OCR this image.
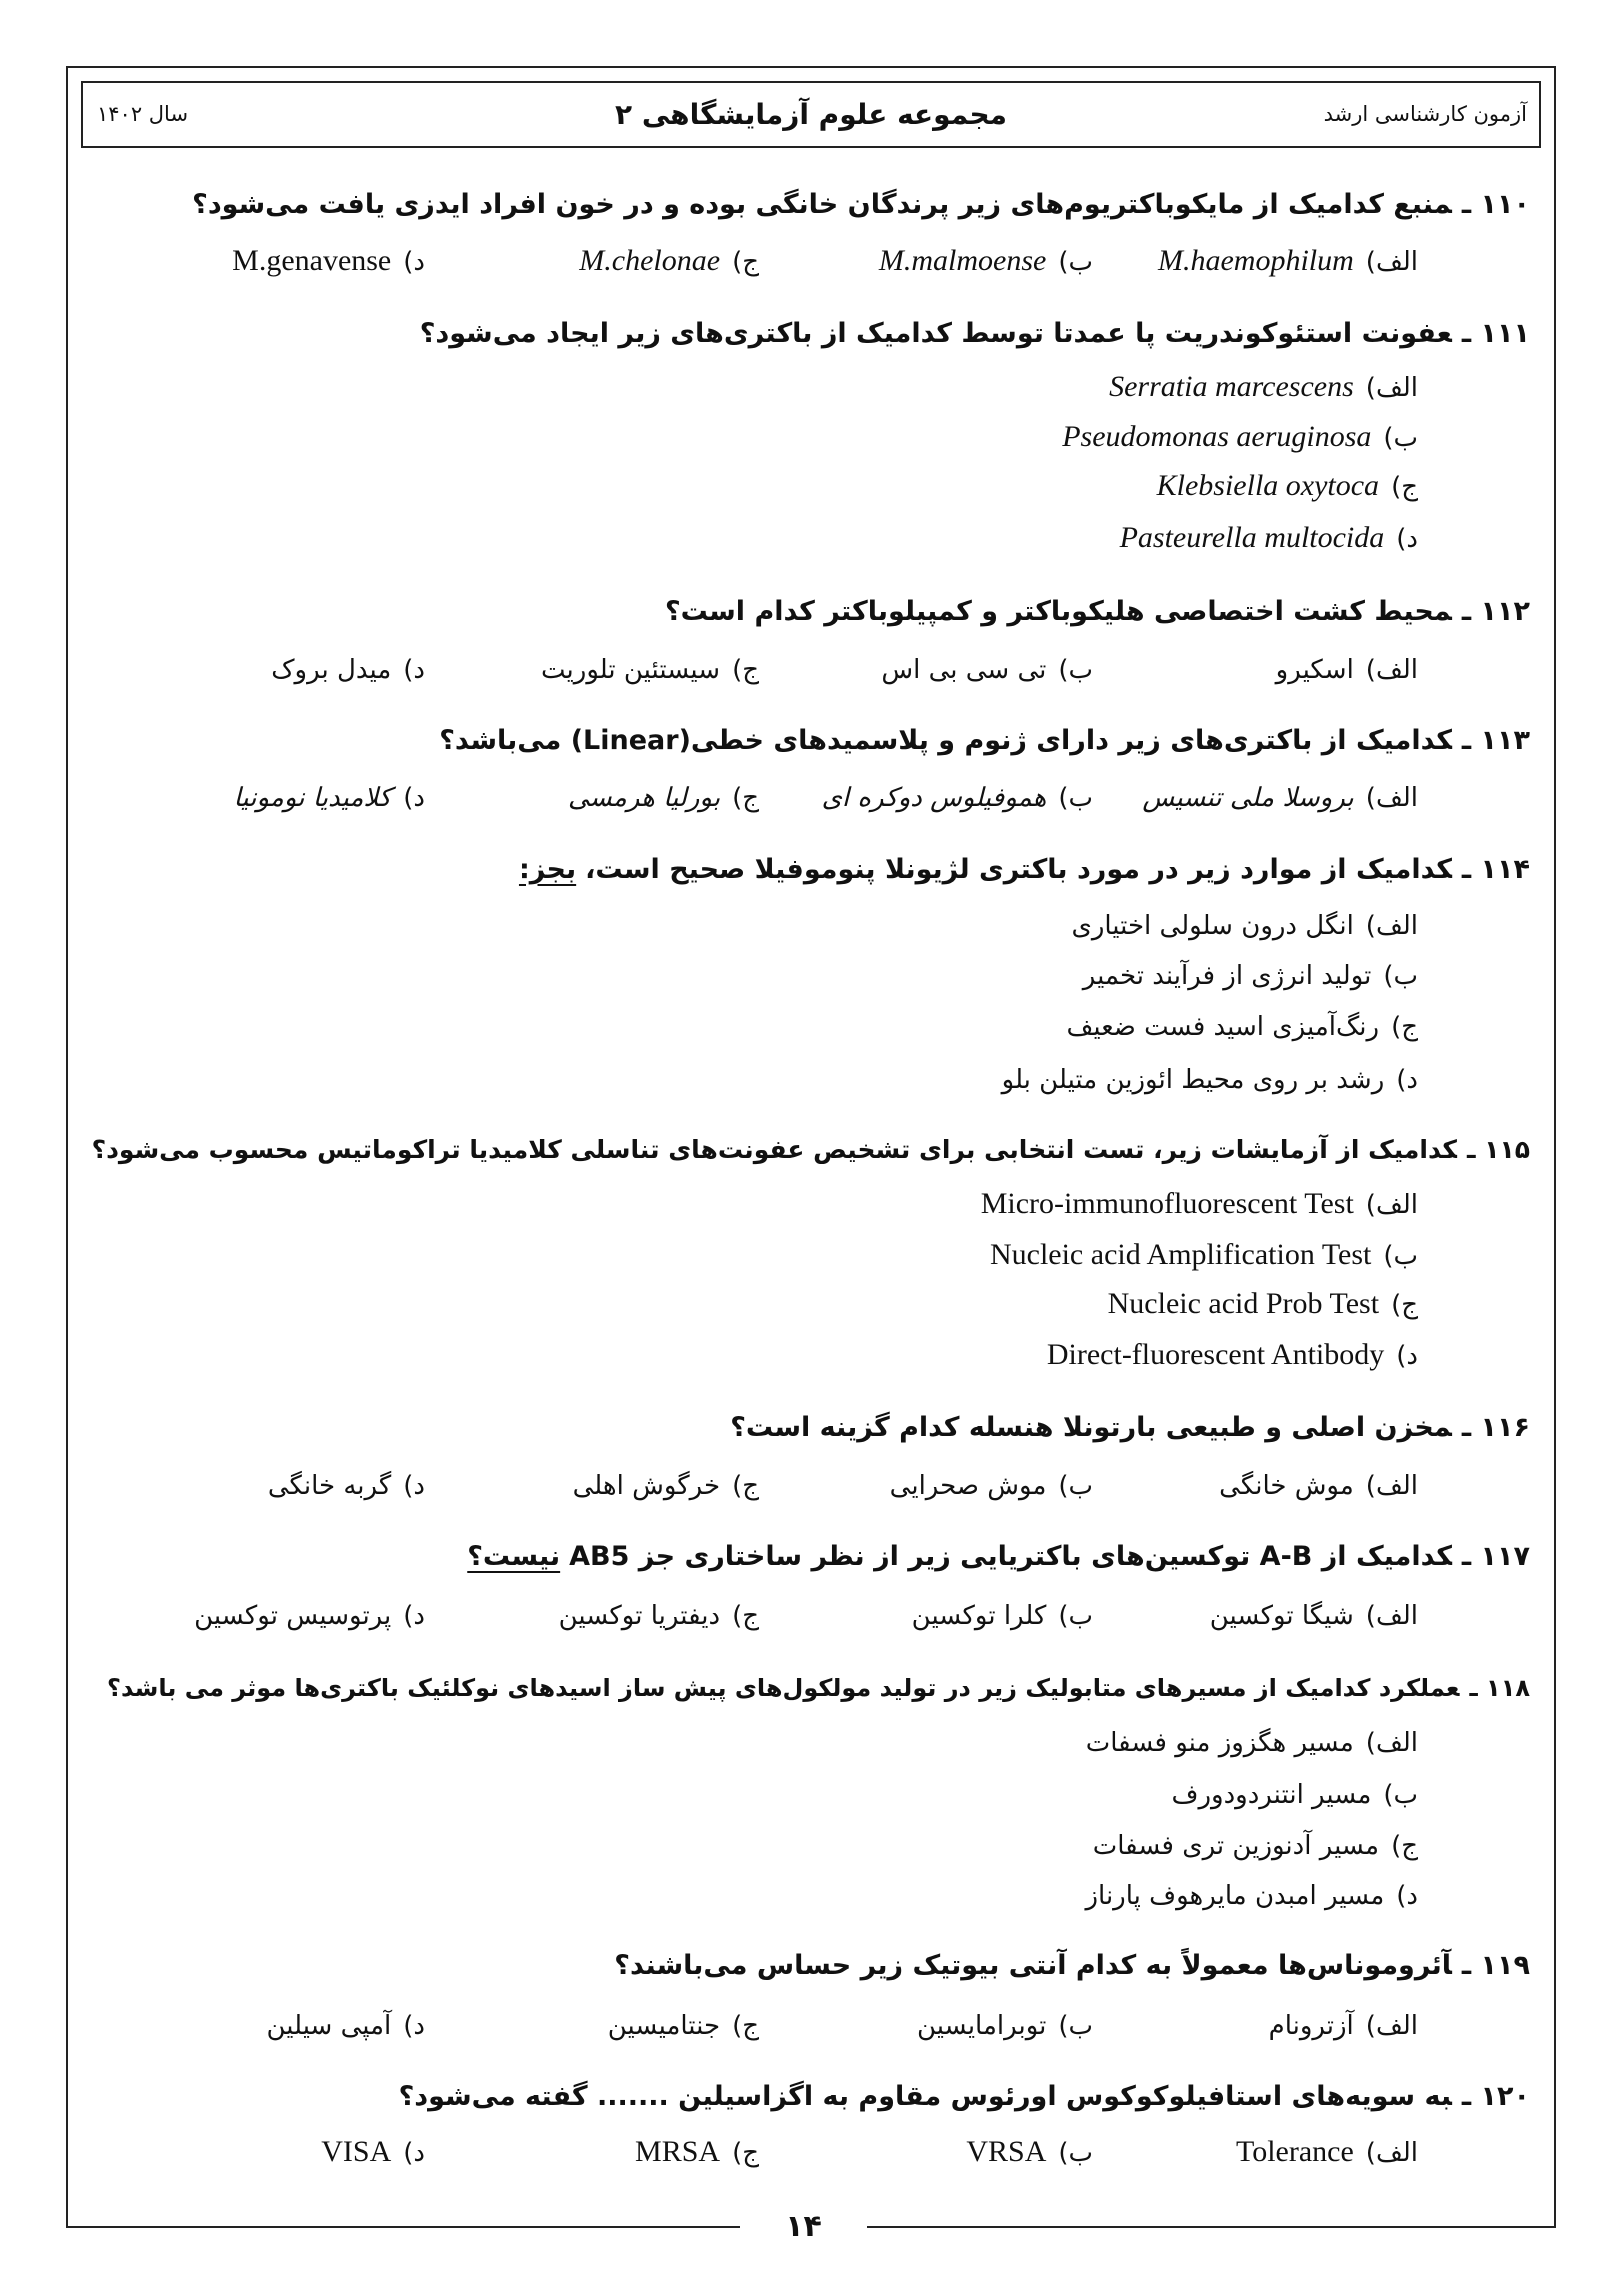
آزمون کارشناسی ارشد
مجموعه علوم آزمایشگاهی ۲
سال ۱۴۰۲
۱۱۰ ـمنبع کدامیک از مایکوباکتریوم‌های زیر پرندگان خانگی بوده و در خون افراد ایدزی یافت می‌شود؟
الف)M.haemophilum
ب)M.malmoense
ج)M.chelonae
د)M.genavense
۱۱۱ ـعفونت استئوکوندریت پا عمدتا توسط کدامیک از باکتری‌های زیر ایجاد می‌شود؟
الف)Serratia marcescens
ب)Pseudomonas aeruginosa
ج)Klebsiella oxytoca
د)Pasteurella multocida
۱۱۲ ـمحیط کشت اختصاصی هلیکوباکتر و کمپیلوباکتر کدام است؟
الف)اسکیرو
ب)تی سی بی اس
ج)سیستئین تلوریت
د)میدل بروک
۱۱۳ ـکدامیک از باکتری‌های زیر دارای ژنوم و پلاسمیدهای خطی(Linear) می‌باشد؟
الف)بروسلا ملی تنسیس
ب)هموفیلوس دوکره ای
ج)بورلیا هرمسی
د)کلامیدیا نومونیا
۱۱۴ ـکدامیک از موارد زیر در مورد باکتری لژیونلا پنوموفیلا صحیح است،بجز:
الف)انگل درون سلولی اختیاری
ب)تولید انرژی از فرآیند تخمیر
ج)رنگ‌آمیزی اسید فست ضعیف
د)رشد بر روی محیط ائوزین متیلن بلو
۱۱۵ ـکدامیک از آزمایشات زیر، تست انتخابی برای تشخیص عفونت‌های تناسلی کلامیدیا تراکوماتیس محسوب می‌شود؟
الف)Micro-immunofluorescent Test
ب)Nucleic acid Amplification Test
ج)Nucleic acid Prob Test
د)Direct-fluorescent Antibody
۱۱۶ ـمخزن اصلی و طبیعی بارتونلا هنسله کدام گزینه است؟
الف)موش خانگی
ب)موش صحرایی
ج)خرگوش اهلی
د)گربه خانگی
۱۱۷ ـکدامیک از A-B توکسین‌های باکتریایی زیر از نظر ساختاری جز AB5نیست؟
الف)شیگا توکسین
ب)کلرا توکسین
ج)دیفتریا توکسین
د)پرتوسیس توکسین
۱۱۸ ـعملکرد کدامیک از مسیرهای متابولیک زیر در تولید مولکول‌های پیش ساز اسیدهای نوکلئیک باکتری‌ها موثر می باشد؟
الف)مسیر هگزوز منو فسفات
ب)مسیر انتنردودورف
ج)مسیر آدنوزین تری فسفات
د)مسیر امبدن مایرهوف پارناز
۱۱۹ ـآئروموناس‌ها معمولاً به کدام آنتی بیوتیک زیر حساس می‌باشند؟
الف)آزترونام
ب)توبرامایسین
ج)جنتامیسین
د)آمپی سیلین
۱۲۰ ـبه سویه‌های استافیلوکوکوس اورئوس مقاوم به اگزاسیلین ....... گفته می‌شود؟
الف)Tolerance
ب)VRSA
ج)MRSA
د)VISA
۱۴
